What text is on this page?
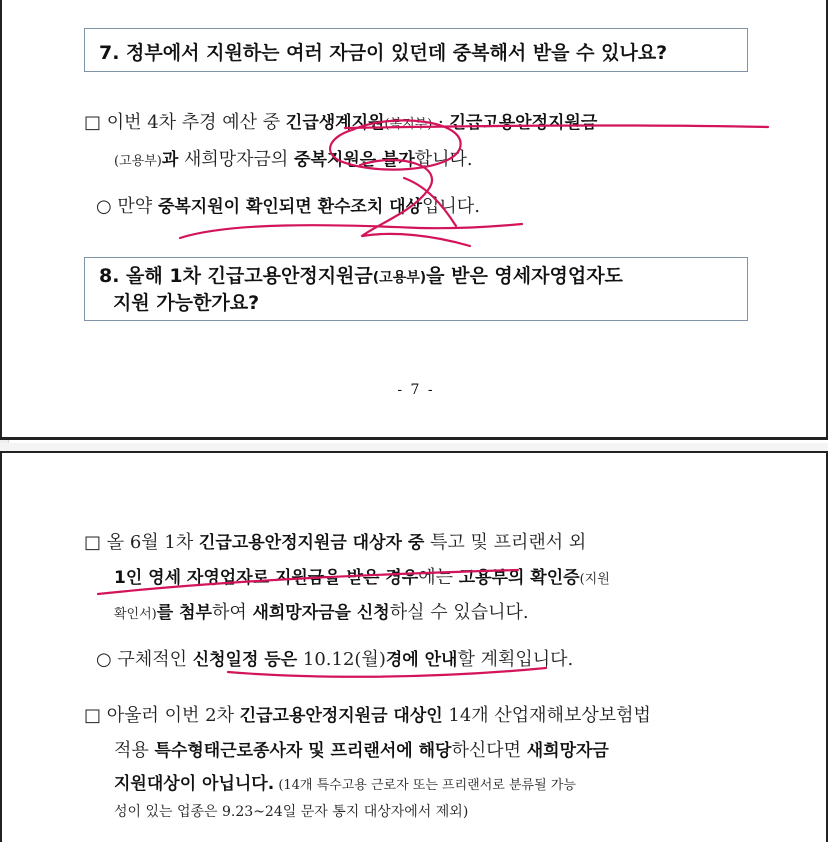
7. 정부에서 지원하는 여러 자금이 있던데 중복해서 받을 수 있나요?
□ 이번 4차 추경 예산 중 긴급생계지원(복지부) · 긴급고용안정지원금
(고용부)과 새희망자금의 중복지원은 불가합니다.
○ 만약 중복지원이 확인되면 환수조치 대상입니다.
8. 올해 1차 긴급고용안정지원금(고용부)을 받은 영세자영업자도
지원 가능한가요?
- 7 -
□ 올 6월 1차 긴급고용안정지원금 대상자 중 특고 및 프리랜서 외
1인 영세 자영업자로 지원금을 받은 경우에는 고용부의 확인증(지원
확인서)를 첨부하여 새희망자금을 신청하실 수 있습니다.
○ 구체적인 신청일정 등은 10.12(월)경에 안내할 계획입니다.
□ 아울러 이번 2차 긴급고용안정지원금 대상인 14개 산업재해보상보험법
적용 특수형태근로종사자 및 프리랜서에 해당하신다면 새희망자금
지원대상이 아닙니다. (14개 특수고용 근로자 또는 프리랜서로 분류될 가능
성이 있는 업종은 9.23~24일 문자 통지 대상자에서 제외)
